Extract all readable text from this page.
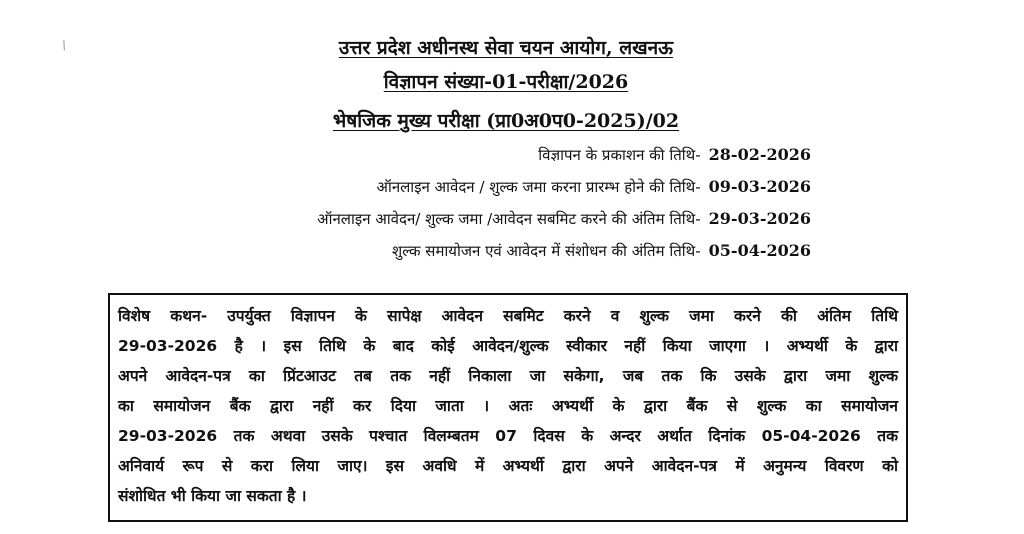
∕	उत्तर प्रदेश अधीनस्थ सेवा चयन आयोग, लखनऊ
विज्ञापन संख्या-01-परीक्षा/2026
भेषजिक मुख्य परीक्षा (प्रा0अ0प0-2025)/02
विज्ञापन के प्रकाशन की तिथि- 28-02-2026
ऑनलाइन आवेदन / शुल्क जमा करना प्रारम्भ होने की तिथि- 09-03-2026
ऑनलाइन आवेदन/ शुल्क जमा /आवेदन सबमिट करने की अंतिम तिथि- 29-03-2026
शुल्क समायोजन एवं आवेदन में संशोधन की अंतिम तिथि- 05-04-2026
विशेष कथन- उपर्युक्त विज्ञापन के सापेक्ष आवेदन सबमिट करने व शुल्क जमा करने की अंतिम तिथि
29-03-2026 है । इस तिथि के बाद कोई आवेदन/शुल्क स्वीकार नहीं किया जाएगा । अभ्यर्थी के द्वारा
अपने आवेदन-पत्र का प्रिंटआउट तब तक नहीं निकाला जा सकेगा, जब तक कि उसके द्वारा जमा शुल्क
का समायोजन बैंक द्वारा नहीं कर दिया जाता । अतः अभ्यर्थी के द्वारा बैंक से शुल्क का समायोजन
29-03-2026 तक अथवा उसके पश्चात विलम्बतम 07 दिवस के अन्दर अर्थात दिनांक 05-04-2026 तक
अनिवार्य रूप से करा लिया जाए। इस अवधि में अभ्यर्थी द्वारा अपने आवेदन-पत्र में अनुमन्य विवरण को
संशोधित भी किया जा सकता है ।
